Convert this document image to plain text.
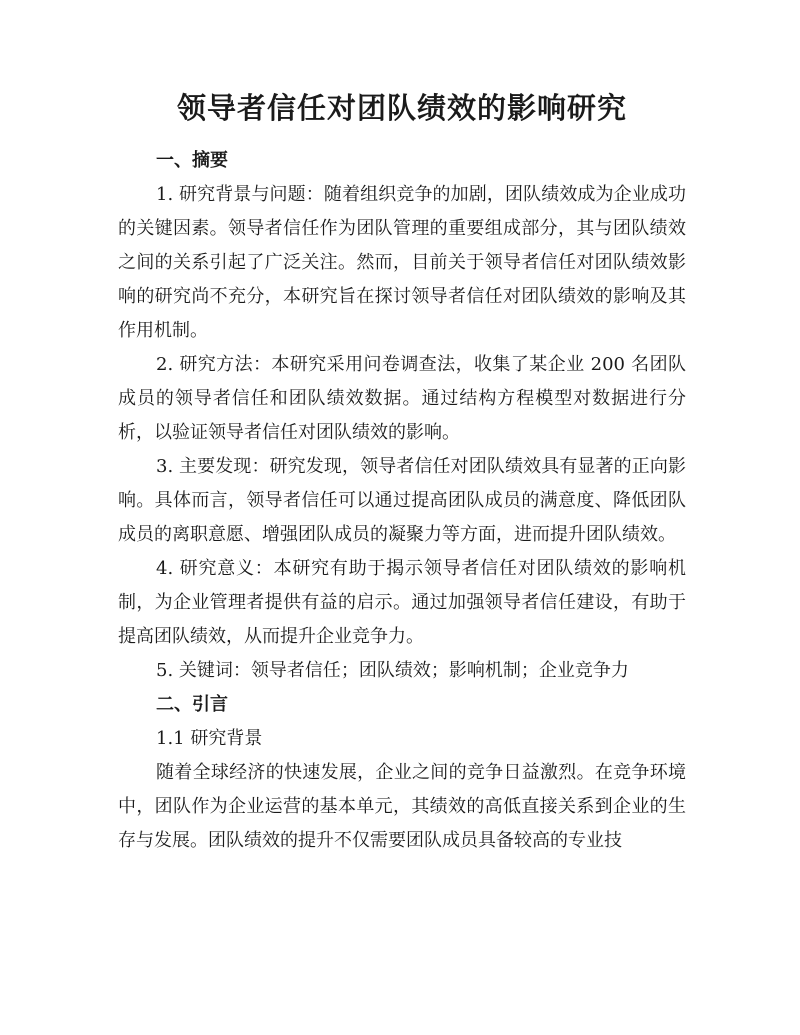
领导者信任对团队绩效的影响研究
一、摘要

1. 研究背景与问题：随着组织竞争的加剧，团队绩效成为企业成功的关键因素。领导者信任作为团队管理的重要组成部分，其与团队绩效之间的关系引起了广泛关注。然而，目前关于领导者信任对团队绩效影响的研究尚不充分，本研究旨在探讨领导者信任对团队绩效的影响及其作用机制。

2. 研究方法：本研究采用问卷调查法，收集了某企业 200 名团队成员的领导者信任和团队绩效数据。通过结构方程模型对数据进行分析，以验证领导者信任对团队绩效的影响。

3. 主要发现：研究发现，领导者信任对团队绩效具有显著的正向影响。具体而言，领导者信任可以通过提高团队成员的满意度、降低团队成员的离职意愿、增强团队成员的凝聚力等方面，进而提升团队绩效。

4. 研究意义：本研究有助于揭示领导者信任对团队绩效的影响机制，为企业管理者提供有益的启示。通过加强领导者信任建设，有助于提高团队绩效，从而提升企业竞争力。

5. 关键词：领导者信任；团队绩效；影响机制；企业竞争力

二、引言

1.1 研究背景

随着全球经济的快速发展，企业之间的竞争日益激烈。在竞争环境中，团队作为企业运营的基本单元，其绩效的高低直接关系到企业的生存与发展。团队绩效的提升不仅需要团队成员具备较高的专业技
